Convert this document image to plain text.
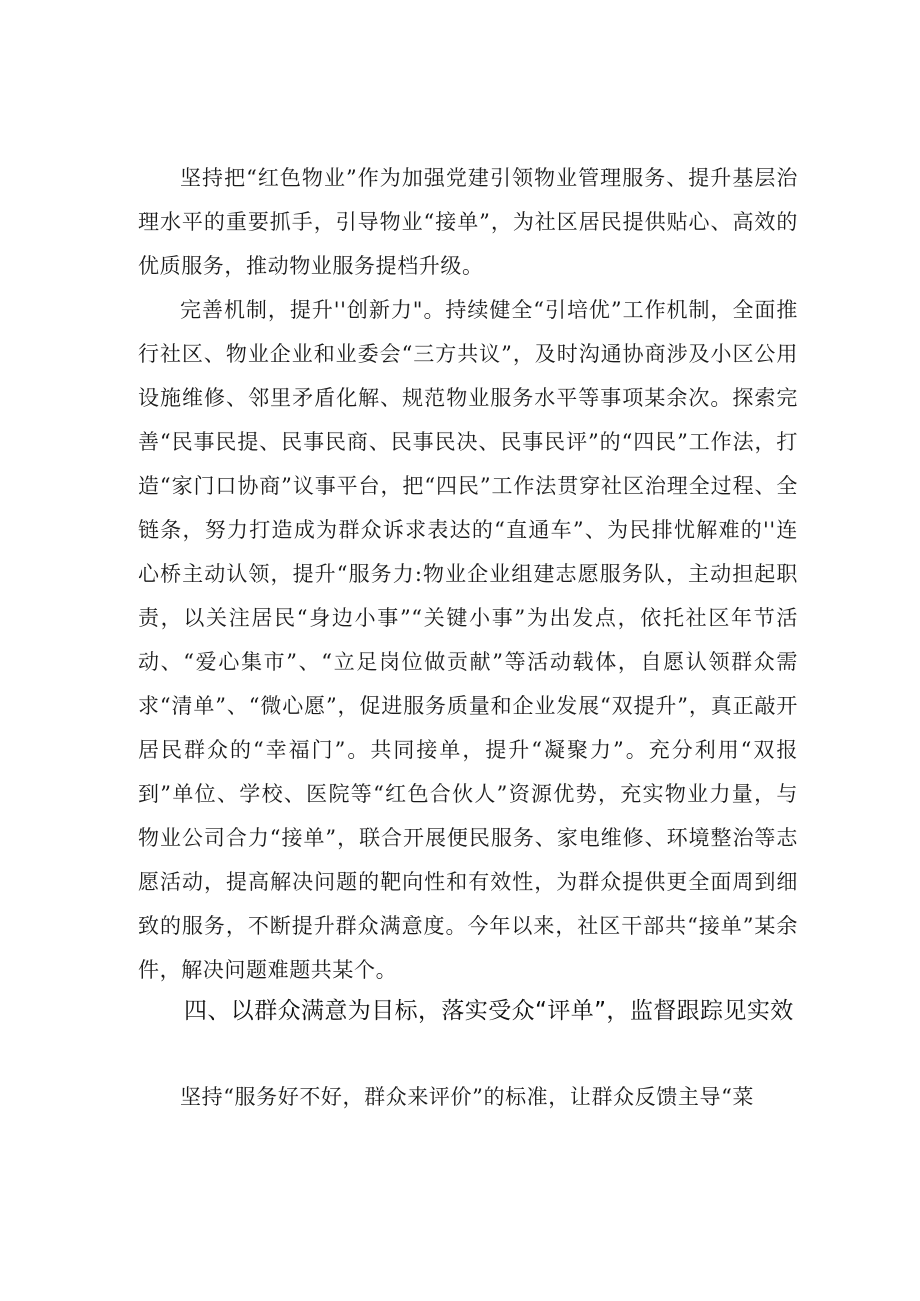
坚持把“红色物业”作为加强党建引领物业管理服务、提升基层治理水平的重要抓手，引导物业“接单”，为社区居民提供贴心、高效的优质服务，推动物业服务提档升级。

完善机制，提升''创新力"。持续健全“引培优”工作机制，全面推行社区、物业企业和业委会“三方共议”，及时沟通协商涉及小区公用设施维修、邻里矛盾化解、规范物业服务水平等事项某余次。探索完善“民事民提、民事民商、民事民决、民事民评”的“四民”工作法，打造“家门口协商”议事平台，把“四民”工作法贯穿社区治理全过程、全链条，努力打造成为群众诉求表达的“直通车”、为民排忧解难的''连心桥主动认领，提升“服务力:物业企业组建志愿服务队，主动担起职责，以关注居民“身边小事”“关键小事”为出发点，依托社区年节活动、“爱心集市”、“立足岗位做贡献”等活动载体，自愿认领群众需求“清单”、“微心愿”，促进服务质量和企业发展“双提升”，真正敲开居民群众的“幸福门”。共同接单，提升“凝聚力”。充分利用“双报到”单位、学校、医院等“红色合伙人”资源优势，充实物业力量，与物业公司合力“接单”，联合开展便民服务、家电维修、环境整治等志愿活动，提高解决问题的靶向性和有效性，为群众提供更全面周到细致的服务，不断提升群众满意度。今年以来，社区干部共“接单”某余件，解决问题难题共某个。

四、以群众满意为目标，落实受众“评单”，监督跟踪见实效

坚持“服务好不好，群众来评价”的标准，让群众反馈主导“菜
